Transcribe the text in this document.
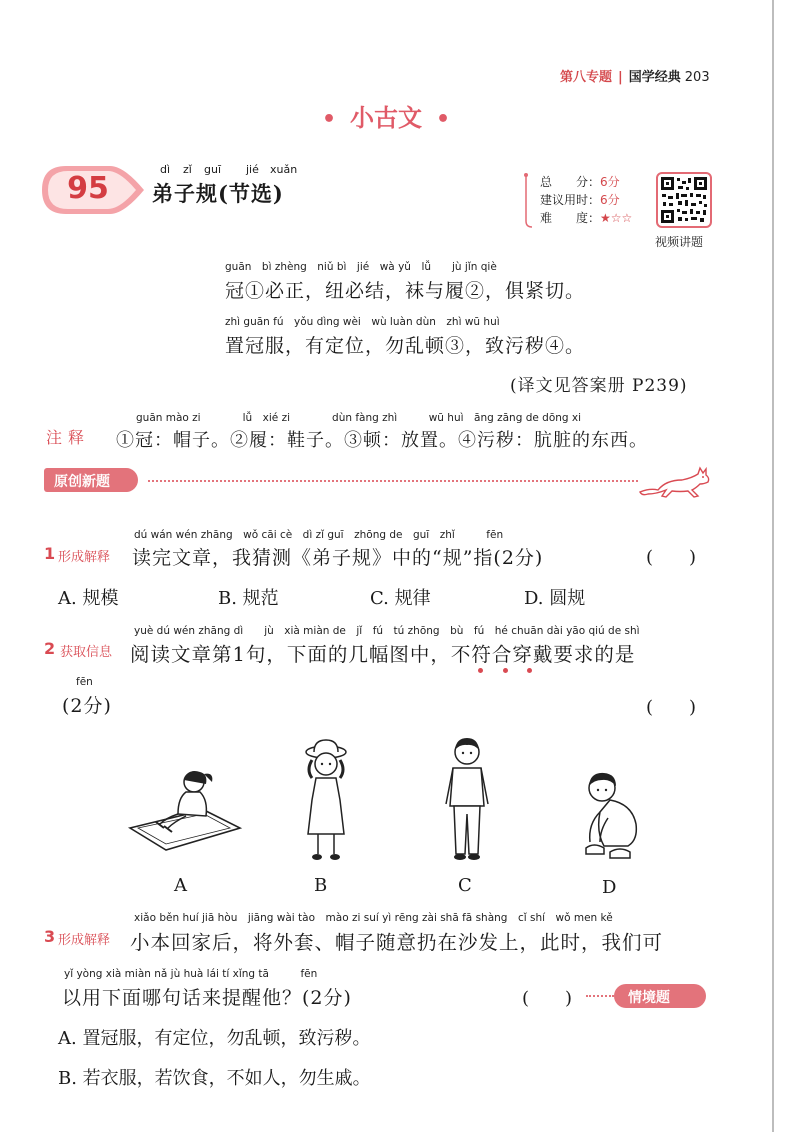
第八专题 | 国学经典 203
• 小古文 •
95
dì zǐ guī jié xuǎn
弟子规(节选)	总　　分：6分
建议用时：6分
难　　度：★☆☆
视频讲题
guān　bì zhèng　niǔ bì　jié　wà yǔ　lǚ　　jù jǐn qiè
冠①必正，纽必结，袜与履②，俱紧切。
zhì guān fú　yǒu dìng wèi　wù luàn dùn　zhì wū huì
置冠服，有定位，勿乱顿③，致污秽④。
(译文见答案册 P239)
注释
guān mào zi　　　　lǚ　xié zi　　　　dùn fàng zhì　　　wū huì　āng zāng de dōng xi
①冠：帽子。②履：鞋子。③顿：放置。④污秽：肮脏的东西。
原创新题
1 形成解释
dú wán wén zhāng　wǒ cāi cè　dì zǐ guī　zhōng de　guī　zhǐ　　　fēn
读完文章，我猜测《弟子规》中的“规”指(2分)	(　　)
A. 规模	B. 规范	C. 规律	D. 圆规
2 获取信息
yuè dú wén zhāng dì　　jù　xià miàn de　jǐ　fú　tú zhōng　bù　fú　hé chuān dài yāo qiú de shì
阅读文章第1句，下面的几幅图中，不符合穿戴要求的是
fēn
(2分)	(　　)
A	B	C	D
3 形成解释
xiǎo běn huí jiā hòu　jiāng wài tào　mào zi suí yì rēng zài shā fā shàng　cǐ shí　wǒ men kě
小本回家后，将外套、帽子随意扔在沙发上，此时，我们可
yǐ yòng xià miàn nǎ jù huà lái tí xǐng tā　　　fēn
以用下面哪句话来提醒他？(2分)	(　　)	情境题
A. 置冠服，有定位，勿乱顿，致污秽。
B. 若衣服，若饮食，不如人，勿生戚。
